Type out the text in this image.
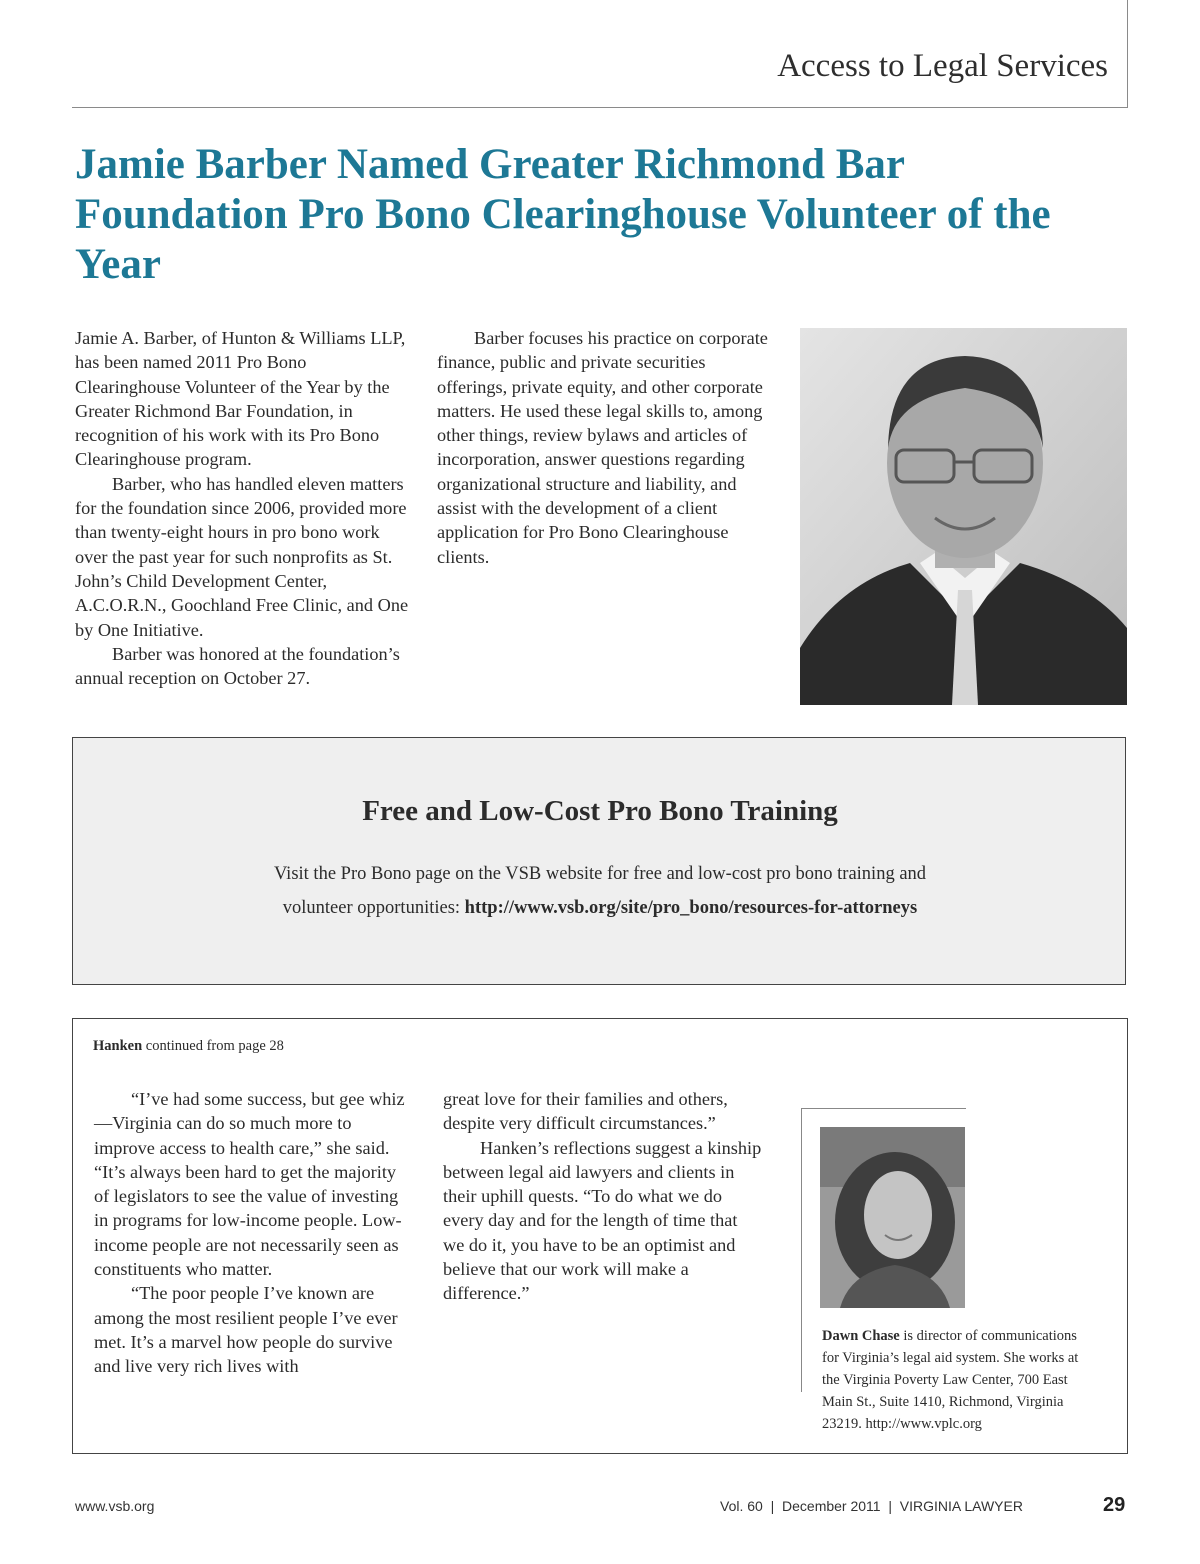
Access to Legal Services
Jamie Barber Named Greater Richmond Bar Foundation Pro Bono Clearinghouse Volunteer of the Year

Jamie A. Barber, of Hunton & Williams LLP, has been named 2011 Pro Bono Clearinghouse Volunteer of the Year by the Greater Richmond Bar Foundation, in recognition of his work with its Pro Bono Clearinghouse program.

Barber, who has handled eleven matters for the foundation since 2006, provided more than twenty-eight hours in pro bono work over the past year for such nonprofits as St. John’s Child Development Center, A.C.O.R.N., Goochland Free Clinic, and One by One Initiative.

Barber was honored at the foundation’s annual reception on October 27.

Barber focuses his practice on corporate finance, public and private securities offerings, private equity, and other corporate matters. He used these legal skills to, among other things, review bylaws and articles of incorporation, answer questions regarding organizational structure and liability, and assist with the development of a client application for Pro Bono Clearinghouse clients.

Free and Low-Cost Pro Bono Training
Visit the Pro Bono page on the VSB website for free and low-cost pro bono training and
volunteer opportunities: http://www.vsb.org/site/pro_bono/resources-for-attorneys
Hanken continued from page 28

“I’ve had some success, but gee whiz —Virginia can do so much more to improve access to health care,” she said. “It’s always been hard to get the majority of legislators to see the value of investing in programs for low-income people. Low-income people are not necessarily seen as constituents who matter.

“The poor people I’ve known are among the most resilient people I’ve ever met. It’s a marvel how people do survive and live very rich lives with

great love for their families and others, despite very difficult circumstances.”

Hanken’s reflections suggest a kinship between legal aid lawyers and clients in their uphill quests. “To do what we do every day and for the length of time that we do it, you have to be an optimist and believe that our work will make a difference.”

Dawn Chase is director of communications for Virginia’s legal aid system. She works at the Virginia Poverty Law Center, 700 East Main St., Suite 1410, Richmond, Virginia 23219. http://www.vplc.org

www.vsb.org	Vol. 60  |  December 2011  |  VIRGINIA LAWYER	29
